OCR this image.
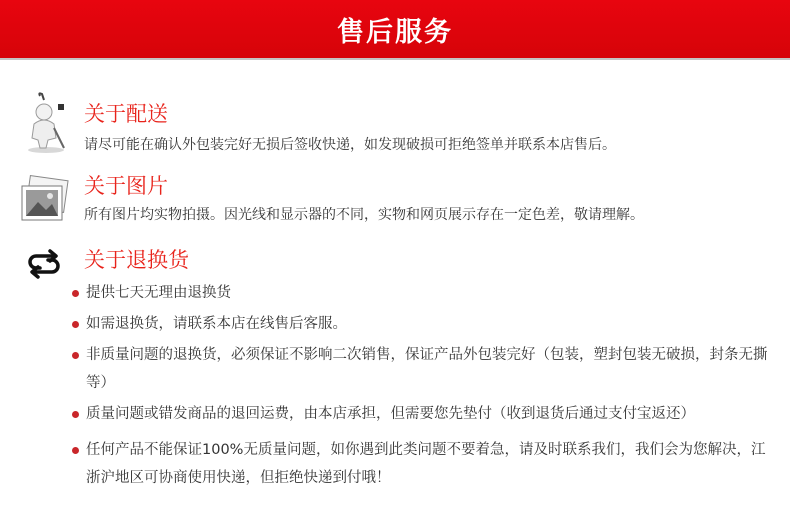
售后服务
关于配送
请尽可能在确认外包装完好无损后签收快递，如发现破损可拒绝签单并联系本店售后。
关于图片
所有图片均实物拍摄。因光线和显示器的不同，实物和网页展示存在一定色差，敬请理解。
关于退换货
提供七天无理由退换货
如需退换货，请联系本店在线售后客服。
非质量问题的退换货，必须保证不影响二次销售，保证产品外包装完好（包装，塑封包装无破损，封条无撕等）
质量问题或错发商品的退回运费，由本店承担，但需要您先垫付（收到退货后通过支付宝返还）
任何产品不能保证100%无质量问题，如你遇到此类问题不要着急，请及时联系我们，我们会为您解决，江浙沪地区可协商使用快递，但拒绝快递到付哦！
